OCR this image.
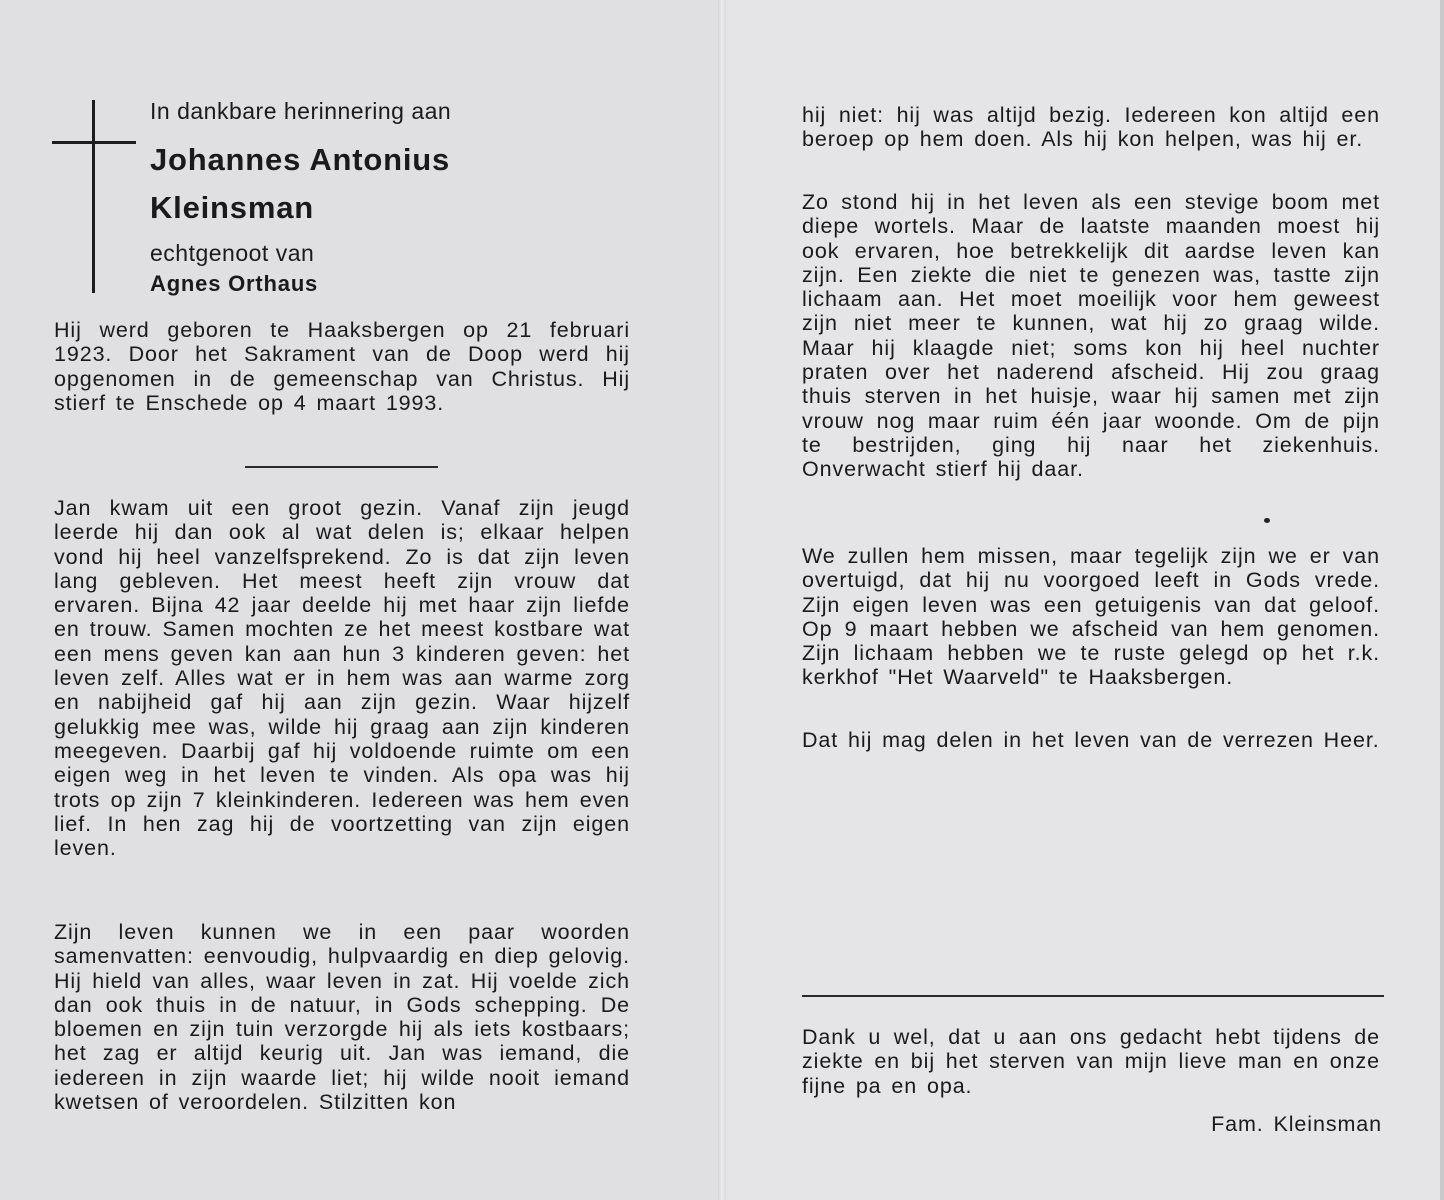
In dankbare herinnering aan

Johannes Antonius
Kleinsman

echtgenoot van

Agnes Orthaus

Hij werd geboren te Haaksbergen op 21 februari 1923. Door het Sakrament van de Doop werd hij opgenomen in de gemeenschap van Christus. Hij stierf te Enschede op 4 maart 1993.

Jan kwam uit een groot gezin. Vanaf zijn jeugd leerde hij dan ook al wat delen is; elkaar helpen vond hij heel vanzelfsprekend. Zo is dat zijn leven lang gebleven. Het meest heeft zijn vrouw dat ervaren. Bijna 42 jaar deelde hij met haar zijn liefde en trouw. Samen mochten ze het meest kostbare wat een mens geven kan aan hun 3 kinderen geven: het leven zelf. Alles wat er in hem was aan warme zorg en nabijheid gaf hij aan zijn gezin. Waar hijzelf gelukkig mee was, wilde hij graag aan zijn kinderen meegeven. Daarbij gaf hij voldoende ruimte om een eigen weg in het leven te vinden. Als opa was hij trots op zijn 7 kleinkinderen. Iedereen was hem even lief. In hen zag hij de voortzetting van zijn eigen leven.

Zijn leven kunnen we in een paar woorden samenvatten: eenvoudig, hulpvaardig en diep gelovig. Hij hield van alles, waar leven in zat. Hij voelde zich dan ook thuis in de natuur, in Gods schepping. De bloemen en zijn tuin verzorgde hij als iets kostbaars; het zag er altijd keurig uit. Jan was iemand, die iedereen in zijn waarde liet; hij wilde nooit iemand kwetsen of veroordelen. Stilzitten kon

hij niet: hij was altijd bezig. Iedereen kon altijd een beroep op hem doen. Als hij kon helpen, was hij er.

Zo stond hij in het leven als een stevige boom met diepe wortels. Maar de laatste maanden moest hij ook ervaren, hoe betrekkelijk dit aardse leven kan zijn. Een ziekte die niet te genezen was, tastte zijn lichaam aan. Het moet moeilijk voor hem geweest zijn niet meer te kunnen, wat hij zo graag wilde. Maar hij klaagde niet; soms kon hij heel nuchter praten over het naderend afscheid. Hij zou graag thuis sterven in het huisje, waar hij samen met zijn vrouw nog maar ruim één jaar woonde. Om de pijn te bestrijden, ging hij naar het ziekenhuis. Onverwacht stierf hij daar.

We zullen hem missen, maar tegelijk zijn we er van overtuigd, dat hij nu voorgoed leeft in Gods vrede. Zijn eigen leven was een getuigenis van dat geloof. Op 9 maart hebben we afscheid van hem genomen. Zijn lichaam hebben we te ruste gelegd op het r.k. kerkhof "Het Waarveld" te Haaksbergen.

Dat hij mag delen in het leven van de verrezen Heer.

Dank u wel, dat u aan ons gedacht hebt tijdens de ziekte en bij het sterven van mijn lieve man en onze fijne pa en opa.

Fam. Kleinsman
